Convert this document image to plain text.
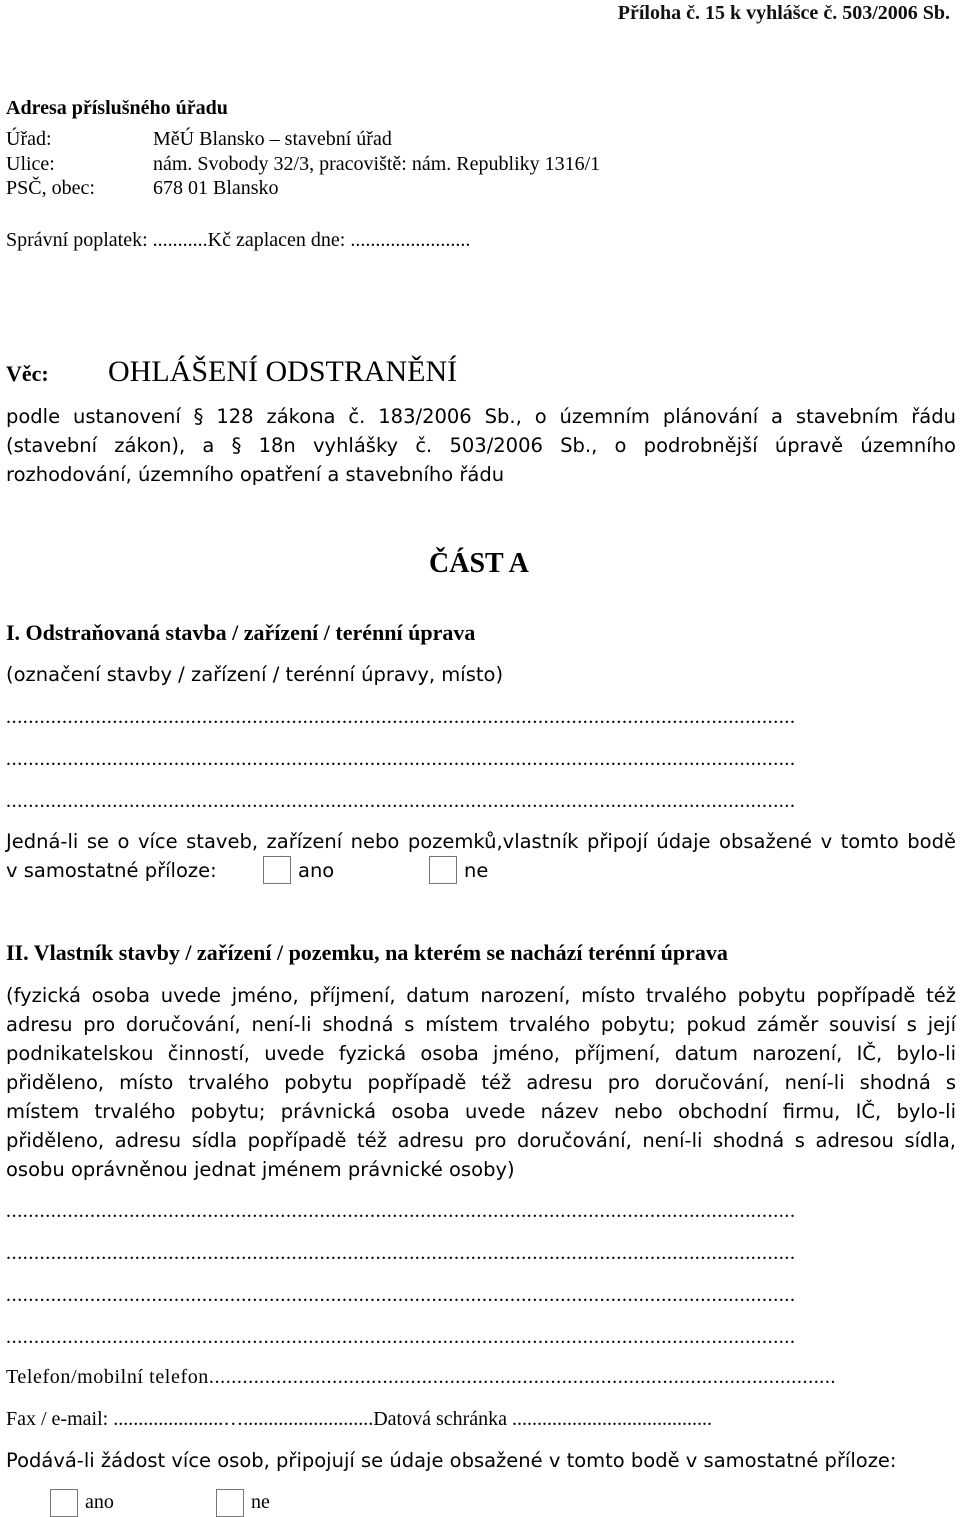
Příloha č. 15 k vyhlášce č. 503/2006 Sb.
Adresa příslušného úřadu
Úřad:	MěÚ Blansko – stavební úřad
Ulice:	nám. Svobody 32/3, pracoviště: nám. Republiky 1316/1
PSČ, obec:	678 01 Blansko
Správní poplatek: ...........Kč zaplacen dne: ........................
Věc: OHLÁŠENÍ ODSTRANĚNÍ
podle ustanovení § 128 zákona č. 183/2006 Sb., o územním plánování a stavebním řádu
(stavební zákon), a § 18n vyhlášky č. 503/2006 Sb., o podrobnější úpravě územního
rozhodování, územního opatření a stavebního řádu
ČÁST A
I. Odstraňovaná stavba / zařízení / terénní úprava
(označení stavby / zařízení / terénní úpravy, místo)
.............................................................................................................................................
.............................................................................................................................................
.............................................................................................................................................
Jedná-li se o více staveb, zařízení nebo pozemků,vlastník připojí údaje obsažené v tomto bodě
v samostatné příloze:	ano	ne
II. Vlastník stavby / zařízení / pozemku, na kterém se nachází terénní úprava
(fyzická osoba uvede jméno, příjmení, datum narození, místo trvalého pobytu popřípadě též
adresu pro doručování, není-li shodná s místem trvalého pobytu; pokud záměr souvisí s její
podnikatelskou činností, uvede fyzická osoba jméno, příjmení, datum narození, IČ, bylo-li
přiděleno, místo trvalého pobytu popřípadě též adresu pro doručování, není-li shodná s
místem trvalého pobytu; právnická osoba uvede název nebo obchodní firmu, IČ, bylo-li
přiděleno, adresu sídla popřípadě též adresu pro doručování, není-li shodná s adresou sídla,
osobu oprávněnou jednat jménem právnické osoby)
.............................................................................................................................................
.............................................................................................................................................
.............................................................................................................................................
.............................................................................................................................................
Telefon/mobilní telefon................................................................................................................
Fax / e-mail: ......................…..........................Datová schránka ........................................
Podává-li žádost více osob, připojují se údaje obsažené v tomto bodě v samostatné příloze:
ano	ne
